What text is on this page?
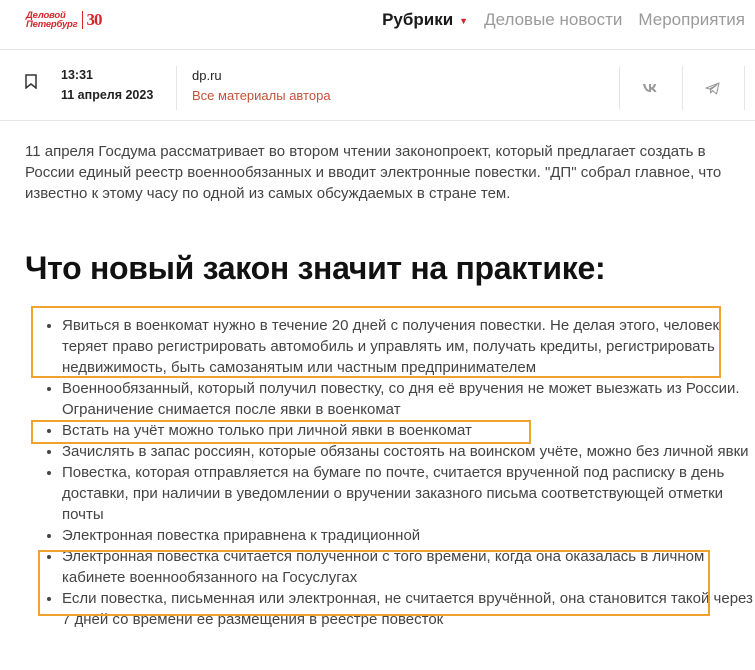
Деловой
Петербург 30	Рубрики ▼ Деловые новости Мероприятия
13:31
11 апреля 2023
dp.ru
Все материалы автора
11 апреля Госдума рассматривает во втором чтении законопроект, который предлагает создать в России единый реестр военнообязанных и вводит электронные повестки. "ДП" собрал главное, что известно к этому часу по одной из самых обсуждаемых в стране тем.
Что новый закон значит на практике:
• Явиться в военкомат нужно в течение 20 дней с получения повестки. Не делая этого, человек теряет право регистрировать автомобиль и управлять им, получать кредиты, регистрировать недвижимость, быть самозанятым или частным предпринимателем
• Военнообязанный, который получил повестку, со дня её вручения не может выезжать из России. Ограничение снимается после явки в военкомат
• Встать на учёт можно только при личной явки в военкомат
• Зачислять в запас россиян, которые обязаны состоять на воинском учёте, можно без личной явки
• Повестка, которая отправляется на бумаге по почте, считается врученной под расписку в день доставки, при наличии в уведомлении о вручении заказного письма соответствующей отметки почты
• Электронная повестка приравнена к традиционной
• Электронная повестка считается полученной с того времени, когда она оказалась в личном кабинете военнообязанного на Госуслугах
• Если повестка, письменная или электронная, не считается вручённой, она становится такой через 7 дней со времени её размещения в реестре повесток
